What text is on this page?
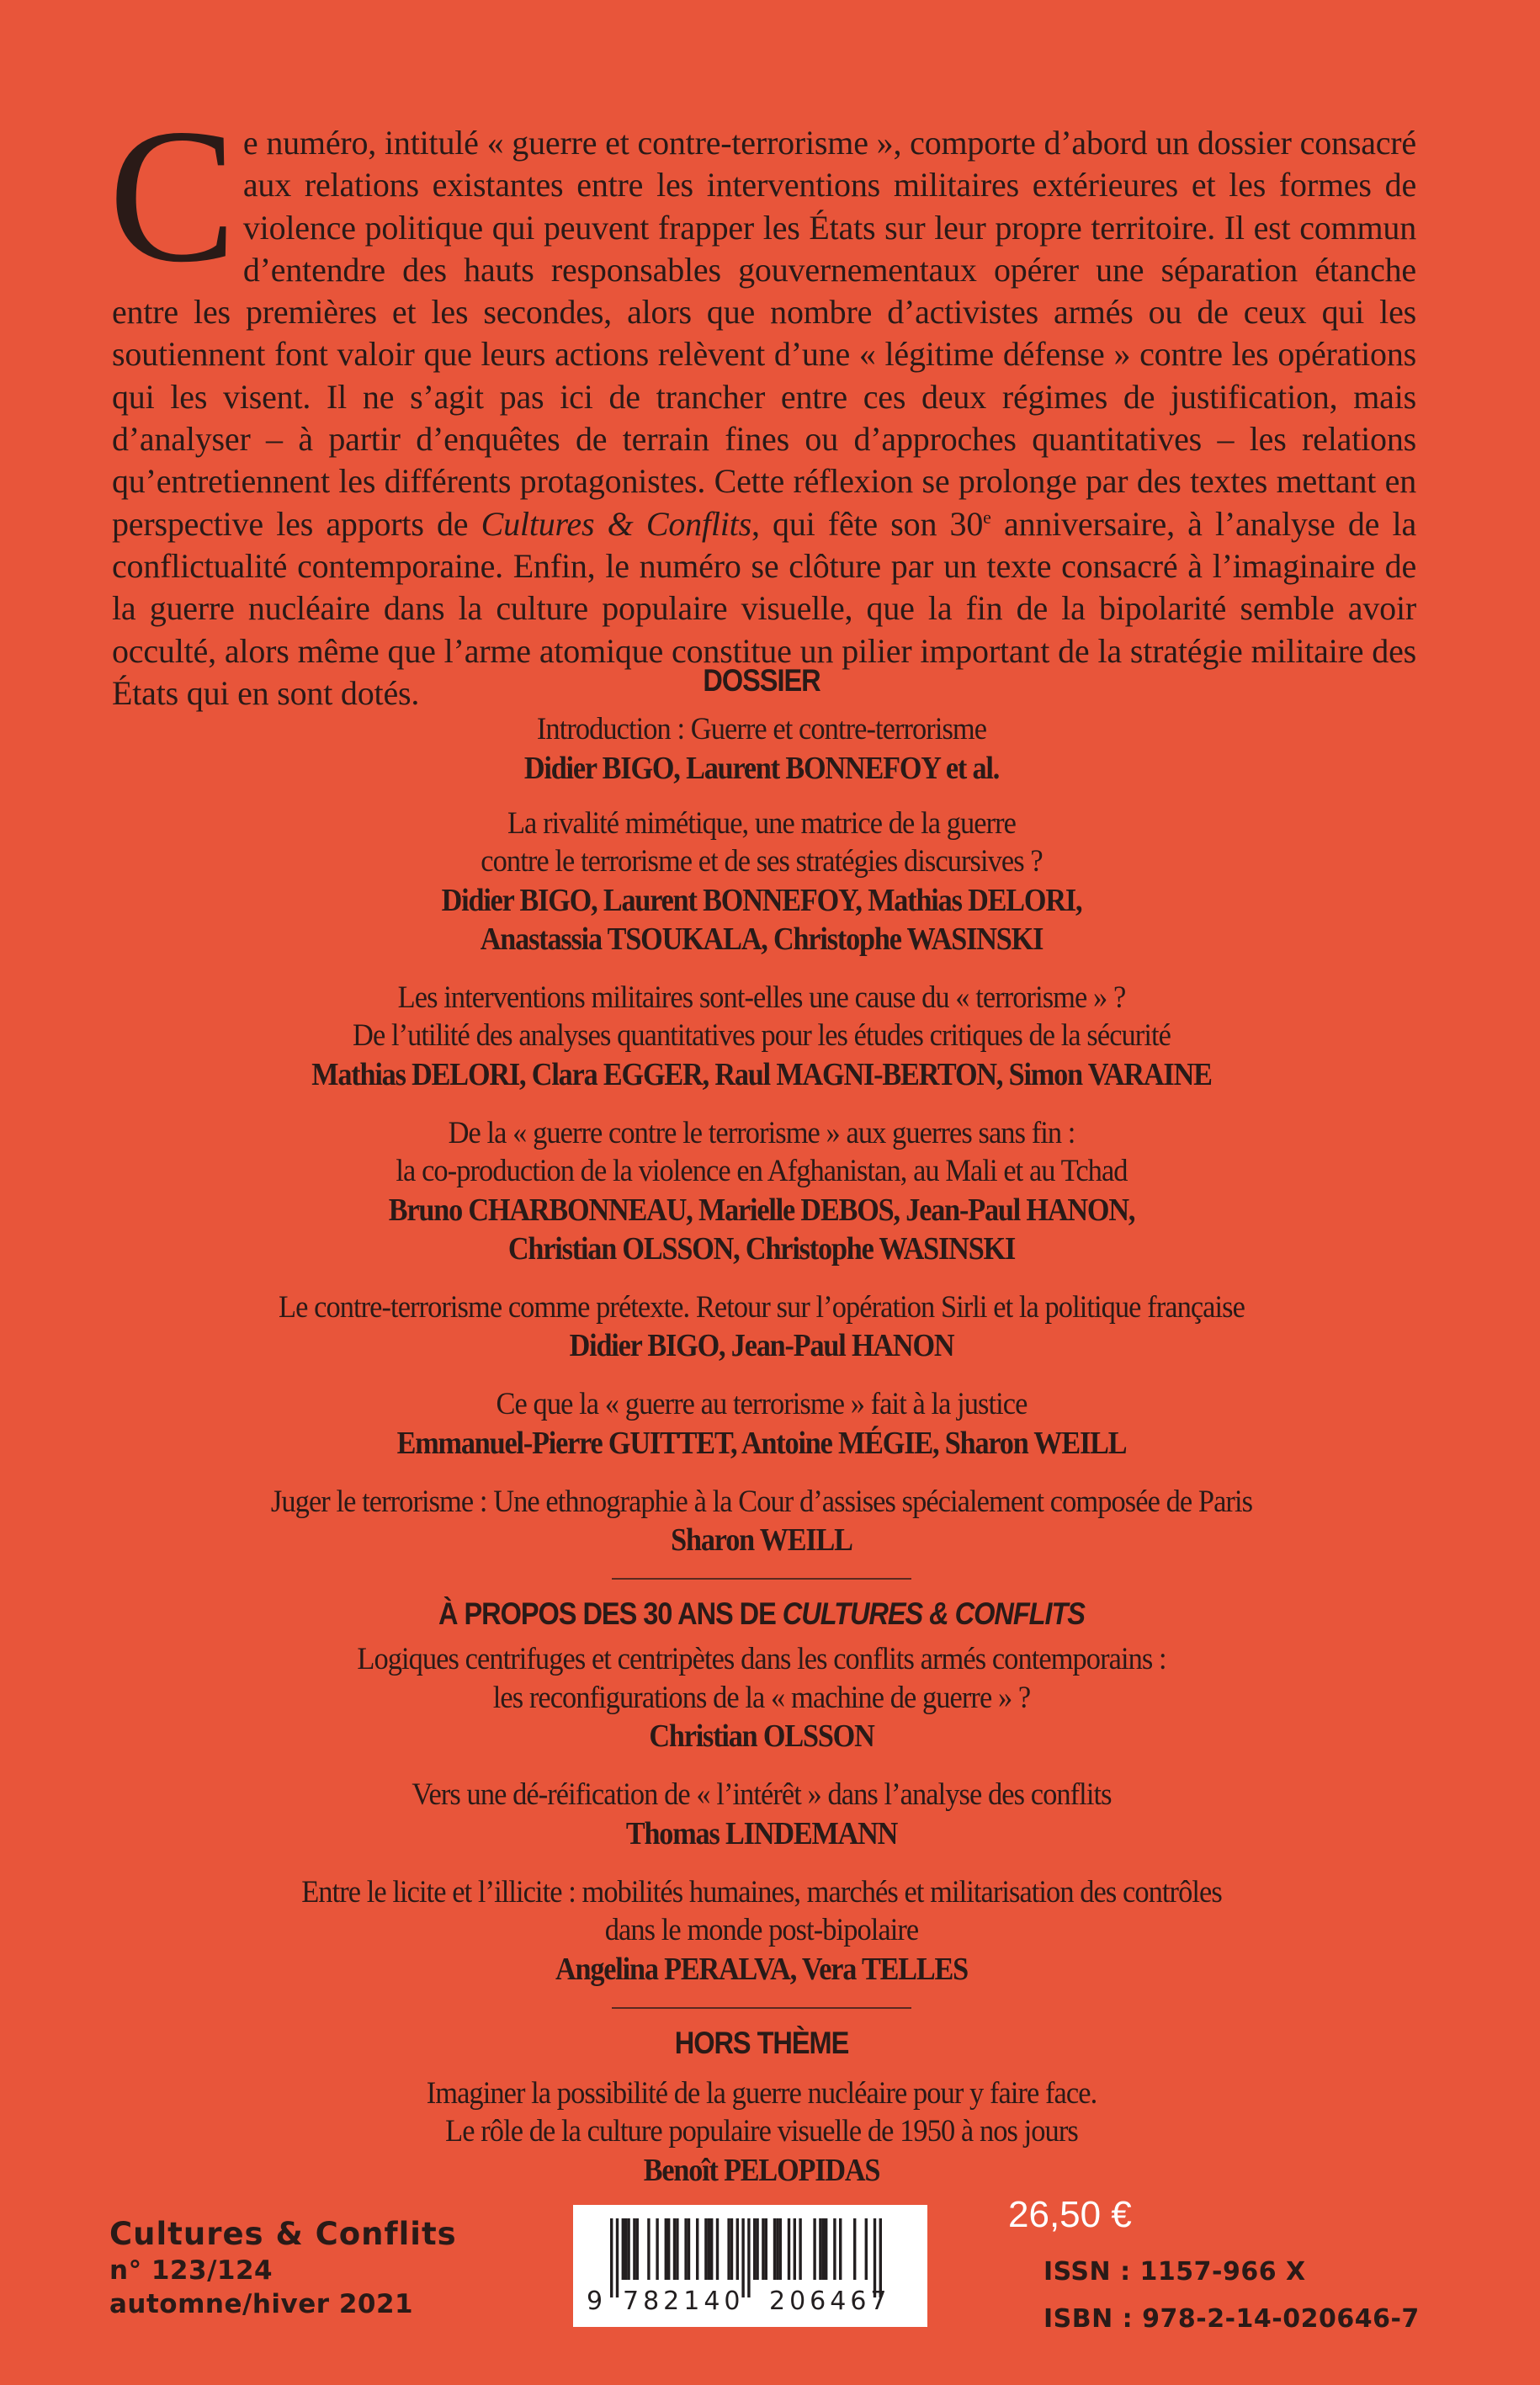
Ce numéro, intitulé « guerre et contre-terrorisme », comporte d’abord un dossier consacré aux relations existantes entre les interventions militaires extérieures et les formes de violence politique qui peuvent frapper les États sur leur propre territoire. Il est commun d’entendre des hauts responsables gouvernementaux opérer une séparation étanche entre les premières et les secondes, alors que nombre d’activistes armés ou de ceux qui les soutiennent font valoir que leurs actions relèvent d’une « légitime défense » contre les opérations qui les visent. Il ne s’agit pas ici de trancher entre ces deux régimes de justification, mais d’analyser – à partir d’enquêtes de terrain fines ou d’approches quantitatives – les relations qu’entretiennent les différents protagonistes. Cette réflexion se prolonge par des textes mettant en perspective les apports de Cultures & Conflits, qui fête son 30e anniversaire, à l’analyse de la conflictualité contemporaine. Enfin, le numéro se clôture par un texte consacré à l’imaginaire de la guerre nucléaire dans la culture populaire visuelle, que la fin de la bipolarité semble avoir occulté, alors même que l’arme atomique constitue un pilier important de la stratégie militaire des États qui en sont dotés.	DOSSIER
Introduction : Guerre et contre-terrorisme
Didier BIGO, Laurent BONNEFOY et al.
La rivalité mimétique, une matrice de la guerre
contre le terrorisme et de ses stratégies discursives ?
Didier BIGO, Laurent BONNEFOY, Mathias DELORI,
Anastassia TSOUKALA, Christophe WASINSKI
Les interventions militaires sont-elles une cause du « terrorisme » ?
De l’utilité des analyses quantitatives pour les études critiques de la sécurité
Mathias DELORI, Clara EGGER, Raul MAGNI-BERTON, Simon VARAINE
De la « guerre contre le terrorisme » aux guerres sans fin :
la co-production de la violence en Afghanistan, au Mali et au Tchad
Bruno CHARBONNEAU, Marielle DEBOS, Jean-Paul HANON,
Christian OLSSON, Christophe WASINSKI
Le contre-terrorisme comme prétexte. Retour sur l’opération Sirli et la politique française
Didier BIGO, Jean-Paul HANON
Ce que la « guerre au terrorisme » fait à la justice
Emmanuel-Pierre GUITTET, Antoine MÉGIE, Sharon WEILL
Juger le terrorisme : Une ethnographie à la Cour d’assises spécialement composée de Paris
Sharon WEILL
À PROPOS DES 30 ANS DE CULTURES & CONFLITS
Logiques centrifuges et centripètes dans les conflits armés contemporains :
les reconfigurations de la « machine de guerre » ?
Christian OLSSON
Vers une dé-réification de « l’intérêt » dans l’analyse des conflits
Thomas LINDEMANN
Entre le licite et l’illicite : mobilités humaines, marchés et militarisation des contrôles
dans le monde post-bipolaire
Angelina PERALVA, Vera TELLES
HORS THÈME
Imaginer la possibilité de la guerre nucléaire pour y faire face.
Le rôle de la culture populaire visuelle de 1950 à nos jours
Benoît PELOPIDAS
Cultures & Conflits
n° 123/124
automne/hiver 2021	9 782140 206467
26,50 €
ISSN : 1157-966 X
ISBN : 978-2-14-020646-7
